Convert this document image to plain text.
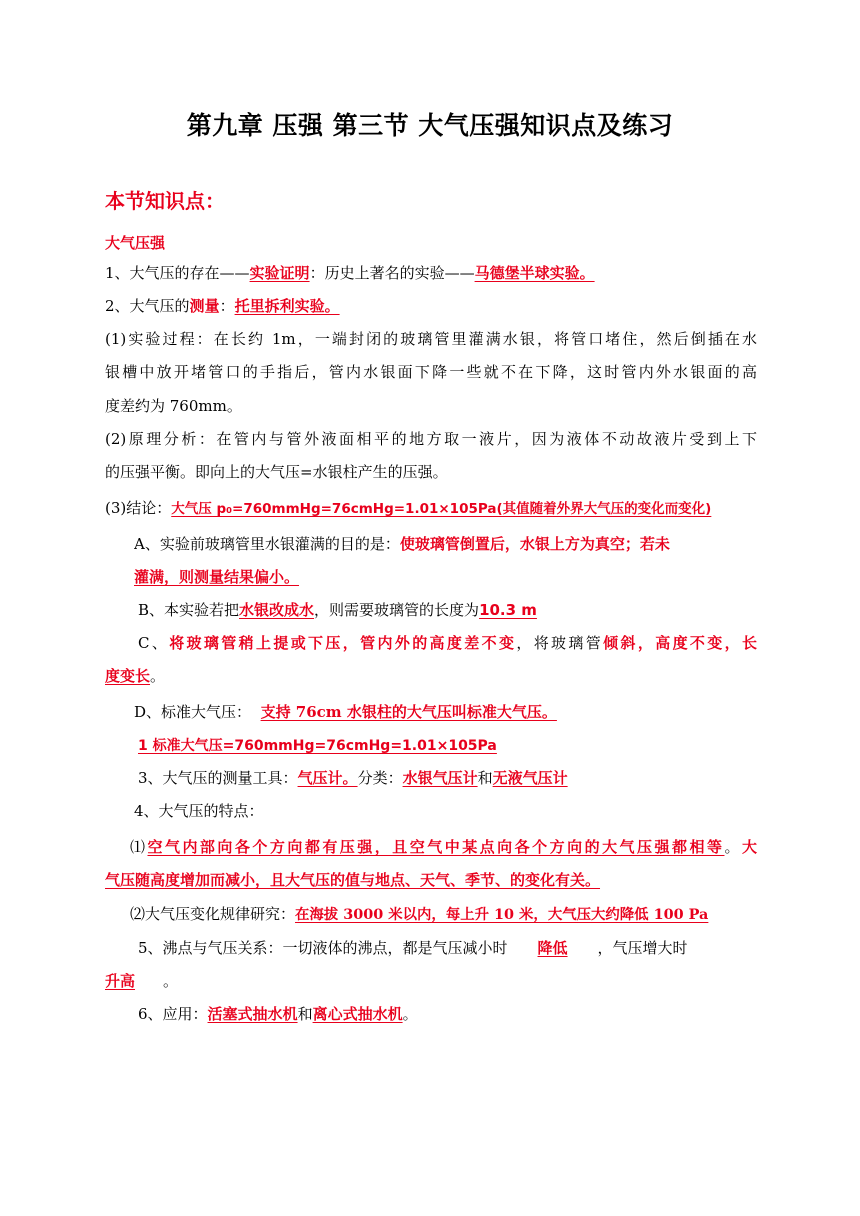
第九章 压强 第三节 大气压强知识点及练习
本节知识点：
大气压强
1、大气压的存在——实验证明：历史上著名的实验——马德堡半球实验。
2、大气压的测量：托里拆利实验。
(1)实验过程：在长约 1m，一端封闭的玻璃管里灌满水银，将管口堵住，然后倒插在水
银槽中放开堵管口的手指后，管内水银面下降一些就不在下降，这时管内外水银面的高
度差约为 760mm。
(2)原理分析：在管内与管外液面相平的地方取一液片，因为液体不动故液片受到上下
的压强平衡。即向上的大气压=水银柱产生的压强。
(3)结论：大气压 p₀=760mmHg=76cmHg=1.01×105Pa(其值随着外界大气压的变化而变化)
A、实验前玻璃管里水银灌满的目的是：使玻璃管倒置后，水银上方为真空；若未
灌满，则测量结果偏小。
B、本实验若把水银改成水，则需要玻璃管的长度为10.3 m
C、将玻璃管稍上提或下压，管内外的高度差不变，将玻璃管倾斜，高度不变，长
度变长。
D、标准大气压： 支持 76cm 水银柱的大气压叫标准大气压。
1 标准大气压=760mmHg=76cmHg=1.01×105Pa
3、大气压的测量工具：气压计。分类：水银气压计和无液气压计
4、大气压的特点：
⑴空气内部向各个方向都有压强，且空气中某点向各个方向的大气压强都相等。大
气压随高度增加而减小，且大气压的值与地点、天气、季节、的变化有关。
⑵大气压变化规律研究：在海拔 3000 米以内，每上升 10 米，大气压大约降低 100 Pa
5、沸点与气压关系：一切液体的沸点，都是气压减小时 降低 ，气压增大时
升高 。
6、应用：活塞式抽水机和离心式抽水机。
